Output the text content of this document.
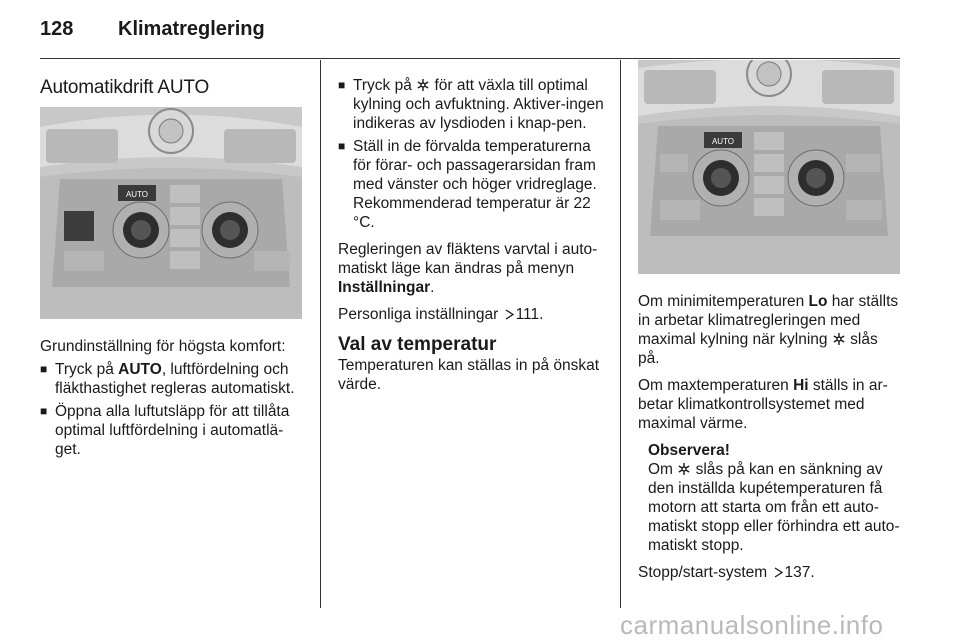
128	Klimatreglering
Automatikdrift AUTO
AUTO

Grundinställning för högsta komfort:

■ Tryck på AUTO, luftfördelning och fläkthastighet regleras automatiskt.
■ Öppna alla luftutsläpp för att tillåta optimal luftfördelning i automatlä-get.
■ Tryck på  för att växla till optimal kylning och avfuktning. Aktiver-ingen indikeras av lysdioden i knap-pen.
■ Ställ in de förvalda temperaturerna för förar- och passagerarsidan fram med vänster och höger vridreglage. Rekommenderad temperatur är 22 °C.

Regleringen av fläktens varvtal i auto-matiskt läge kan ändras på menyn Inställningar.

Personliga inställningar 111.

Val av temperatur
Temperaturen kan ställas in på önskat värde.
AUTO

Om minimitemperaturen Lo har ställts in arbetar klimatregleringen med maximal kylning när kylning  slås på.

Om maxtemperaturen Hi ställs in ar-betar klimatkontrollsystemet med maximal värme.

Observera!
Om  slås på kan en sänkning av den inställda kupétemperaturen få motorn att starta om från ett auto-matiskt stopp eller förhindra ett auto-matiskt stopp.

Stopp/start-system 137.

carmanualsonline.info
